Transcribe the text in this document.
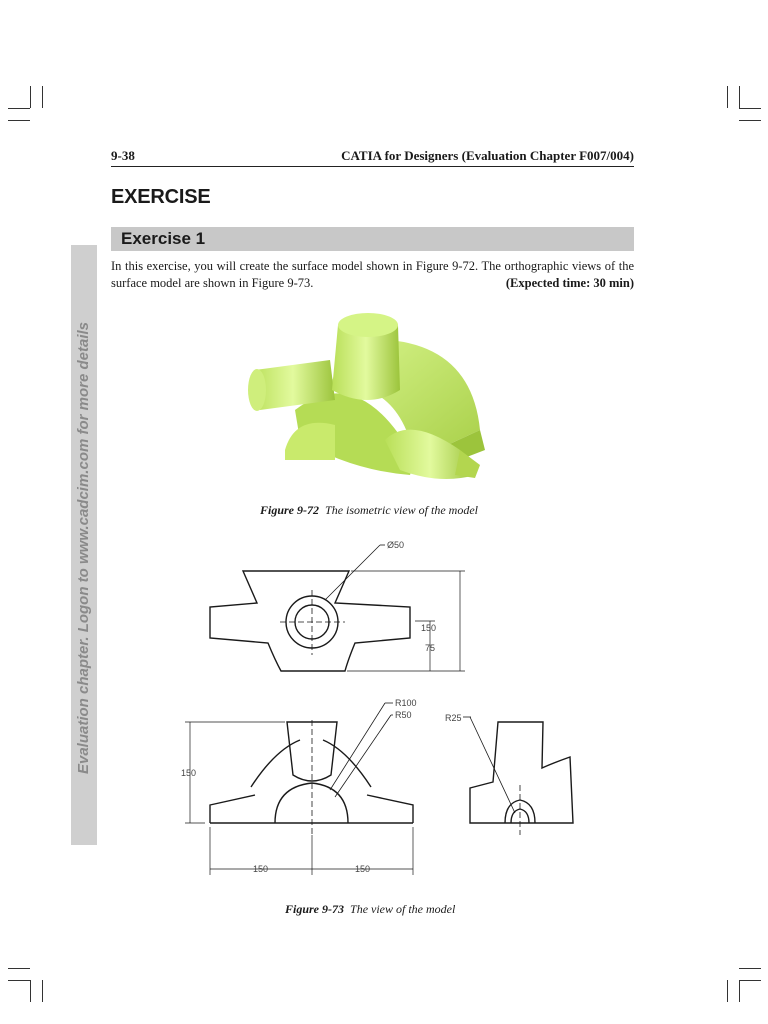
9-38	CATIA for Designers (Evaluation Chapter F007/004)
EXERCISE
Exercise 1
In this exercise, you will create the surface model shown in Figure 9-72. The orthographic views of the surface model are shown in Figure 9-73.	(Expected time: 30 min)
Evaluation chapter. Logon to www.cadcim.com for more details	Figure 9-72 The isometric view of the model
Ø50
150
75
R100
R50
150
150	150
R25
Figure 9-73 The view of the model
